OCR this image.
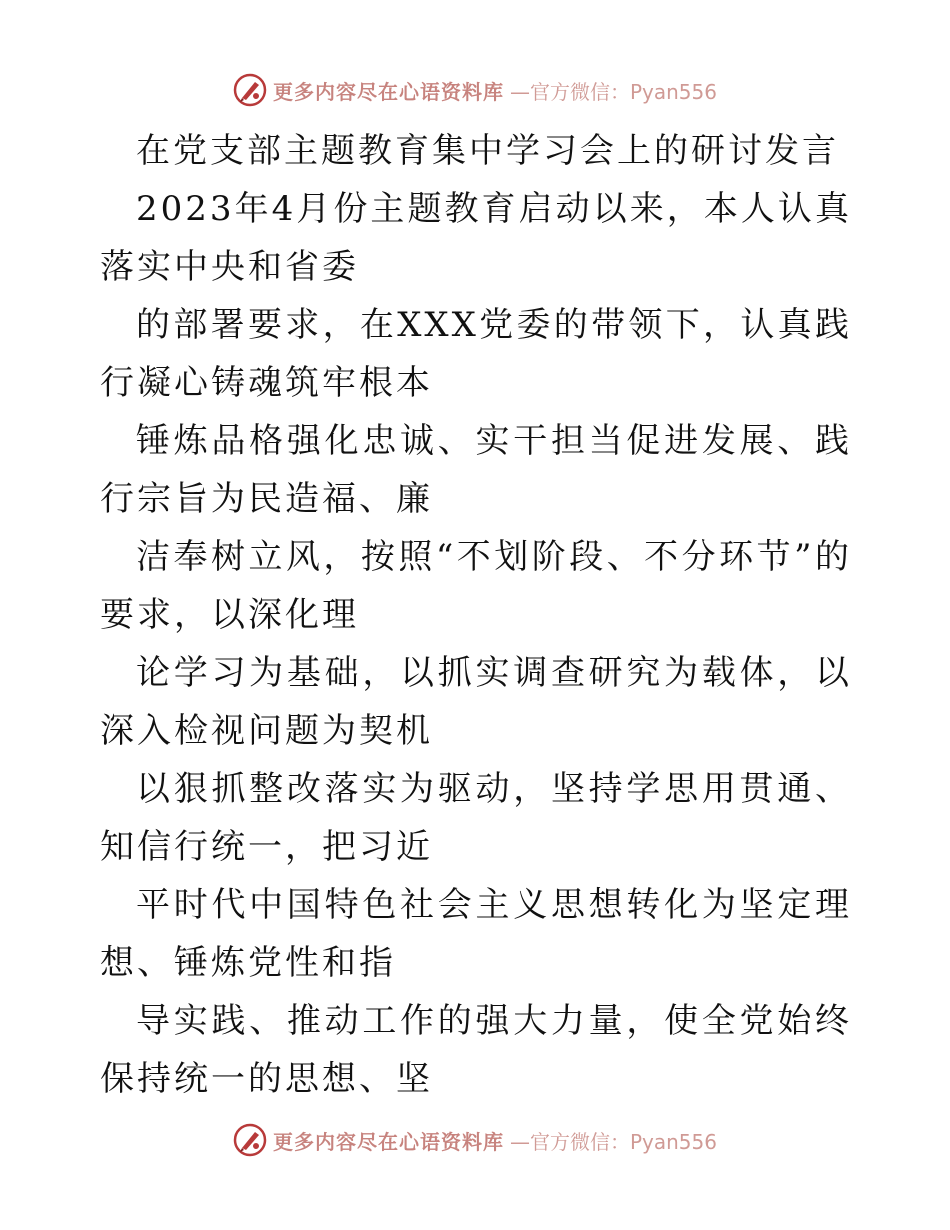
更多内容尽在心语资料库 —官方微信：Pyan556

在党支部主题教育集中学习会上的研讨发言

2023年4月份主题教育启动以来，本人认真落实中央和省委

的部署要求，在XXX党委的带领下，认真践行凝心铸魂筑牢根本

锤炼品格强化忠诚、实干担当促进发展、践行宗旨为民造福、廉

洁奉树立风，按照“不划阶段、不分环节”的要求，以深化理

论学习为基础，以抓实调查研究为载体，以深入检视问题为契机

以狠抓整改落实为驱动，坚持学思用贯通、知信行统一，把习近

平时代中国特色社会主义思想转化为坚定理想、锤炼党性和指

导实践、推动工作的强大力量，使全党始终保持统一的思想、坚

更多内容尽在心语资料库 —官方微信：Pyan556
